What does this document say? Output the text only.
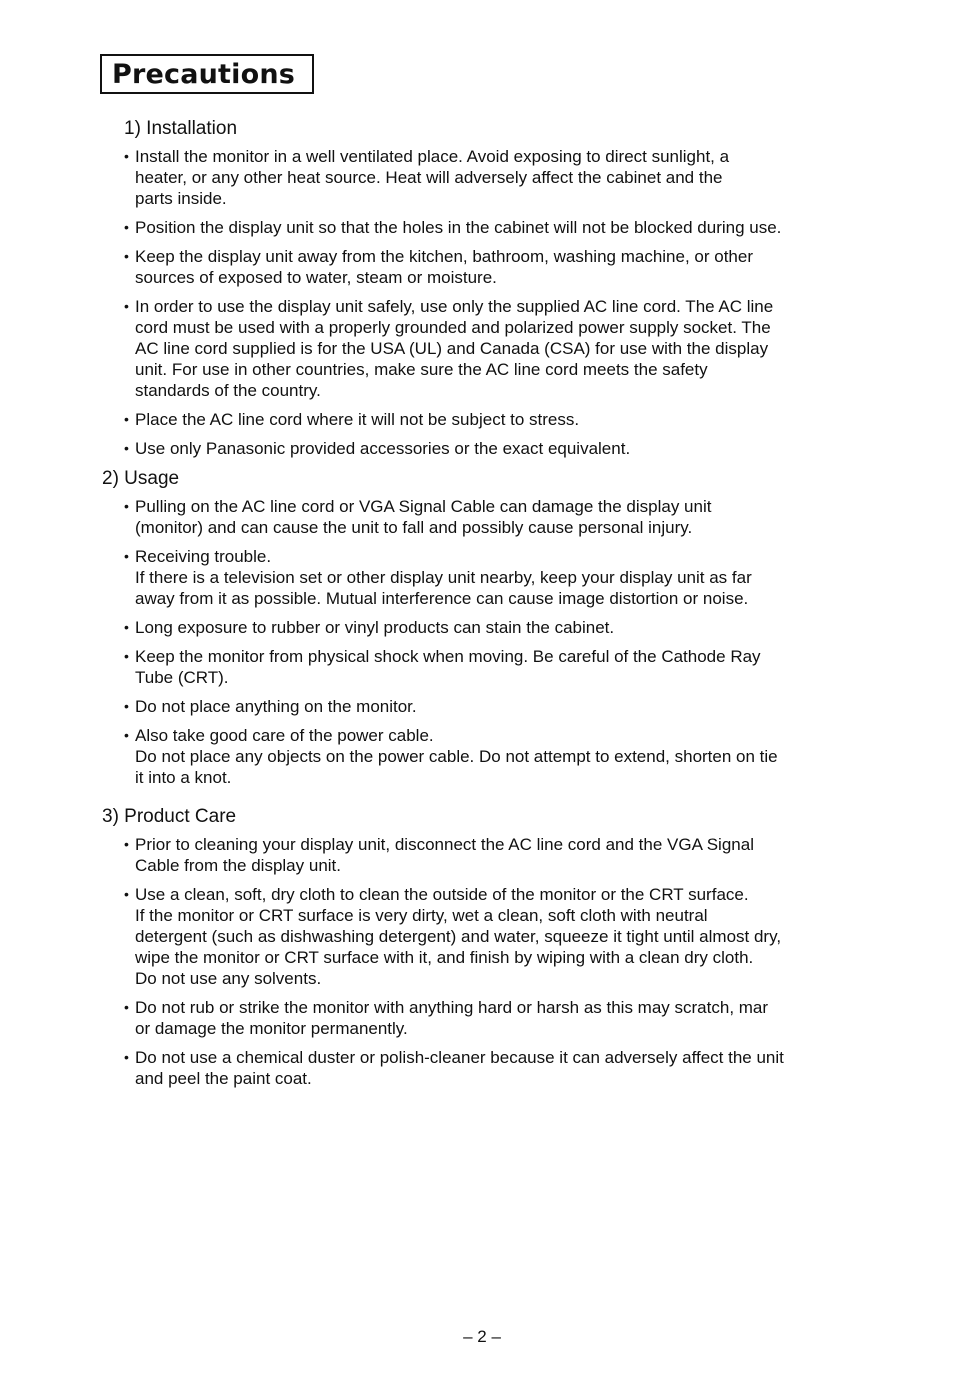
Precautions
1) Installation
• Install the monitor in a well ventilated place. Avoid exposing to direct sunlight, a
heater, or any other heat source. Heat will adversely affect the cabinet and the
parts inside.
• Position the display unit so that the holes in the cabinet will not be blocked during use.
• Keep the display unit away from the kitchen, bathroom, washing machine, or other
sources of exposed to water, steam or moisture.
• In order to use the display unit safely, use only the supplied AC line cord. The AC line
cord must be used with a properly grounded and polarized power supply socket. The
AC line cord supplied is for the USA (UL) and Canada (CSA) for use with the display
unit. For use in other countries, make sure the AC line cord meets the safety
standards of the country.
• Place the AC line cord where it will not be subject to stress.
• Use only Panasonic provided accessories or the exact equivalent.
2) Usage
• Pulling on the AC line cord or VGA Signal Cable can damage the display unit
(monitor) and can cause the unit to fall and possibly cause personal injury.
• Receiving trouble.
If there is a television set or other display unit nearby, keep your display unit as far
away from it as possible. Mutual interference can cause image distortion or noise.
• Long exposure to rubber or vinyl products can stain the cabinet.
• Keep the monitor from physical shock when moving. Be careful of the Cathode Ray
Tube (CRT).
• Do not place anything on the monitor.
• Also take good care of the power cable.
Do not place any objects on the power cable. Do not attempt to extend, shorten on tie
it into a knot.
3) Product Care
• Prior to cleaning your display unit, disconnect the AC line cord and the VGA Signal
Cable from the display unit.
• Use a clean, soft, dry cloth to clean the outside of the monitor or the CRT surface.
If the monitor or CRT surface is very dirty, wet a clean, soft cloth with neutral
detergent (such as dishwashing detergent) and water, squeeze it tight until almost dry,
wipe the monitor or CRT surface with it, and finish by wiping with a clean dry cloth.
Do not use any solvents.
• Do not rub or strike the monitor with anything hard or harsh as this may scratch, mar
or damage the monitor permanently.
• Do not use a chemical duster or polish-cleaner because it can adversely affect the unit
and peel the paint coat.
– 2 –
